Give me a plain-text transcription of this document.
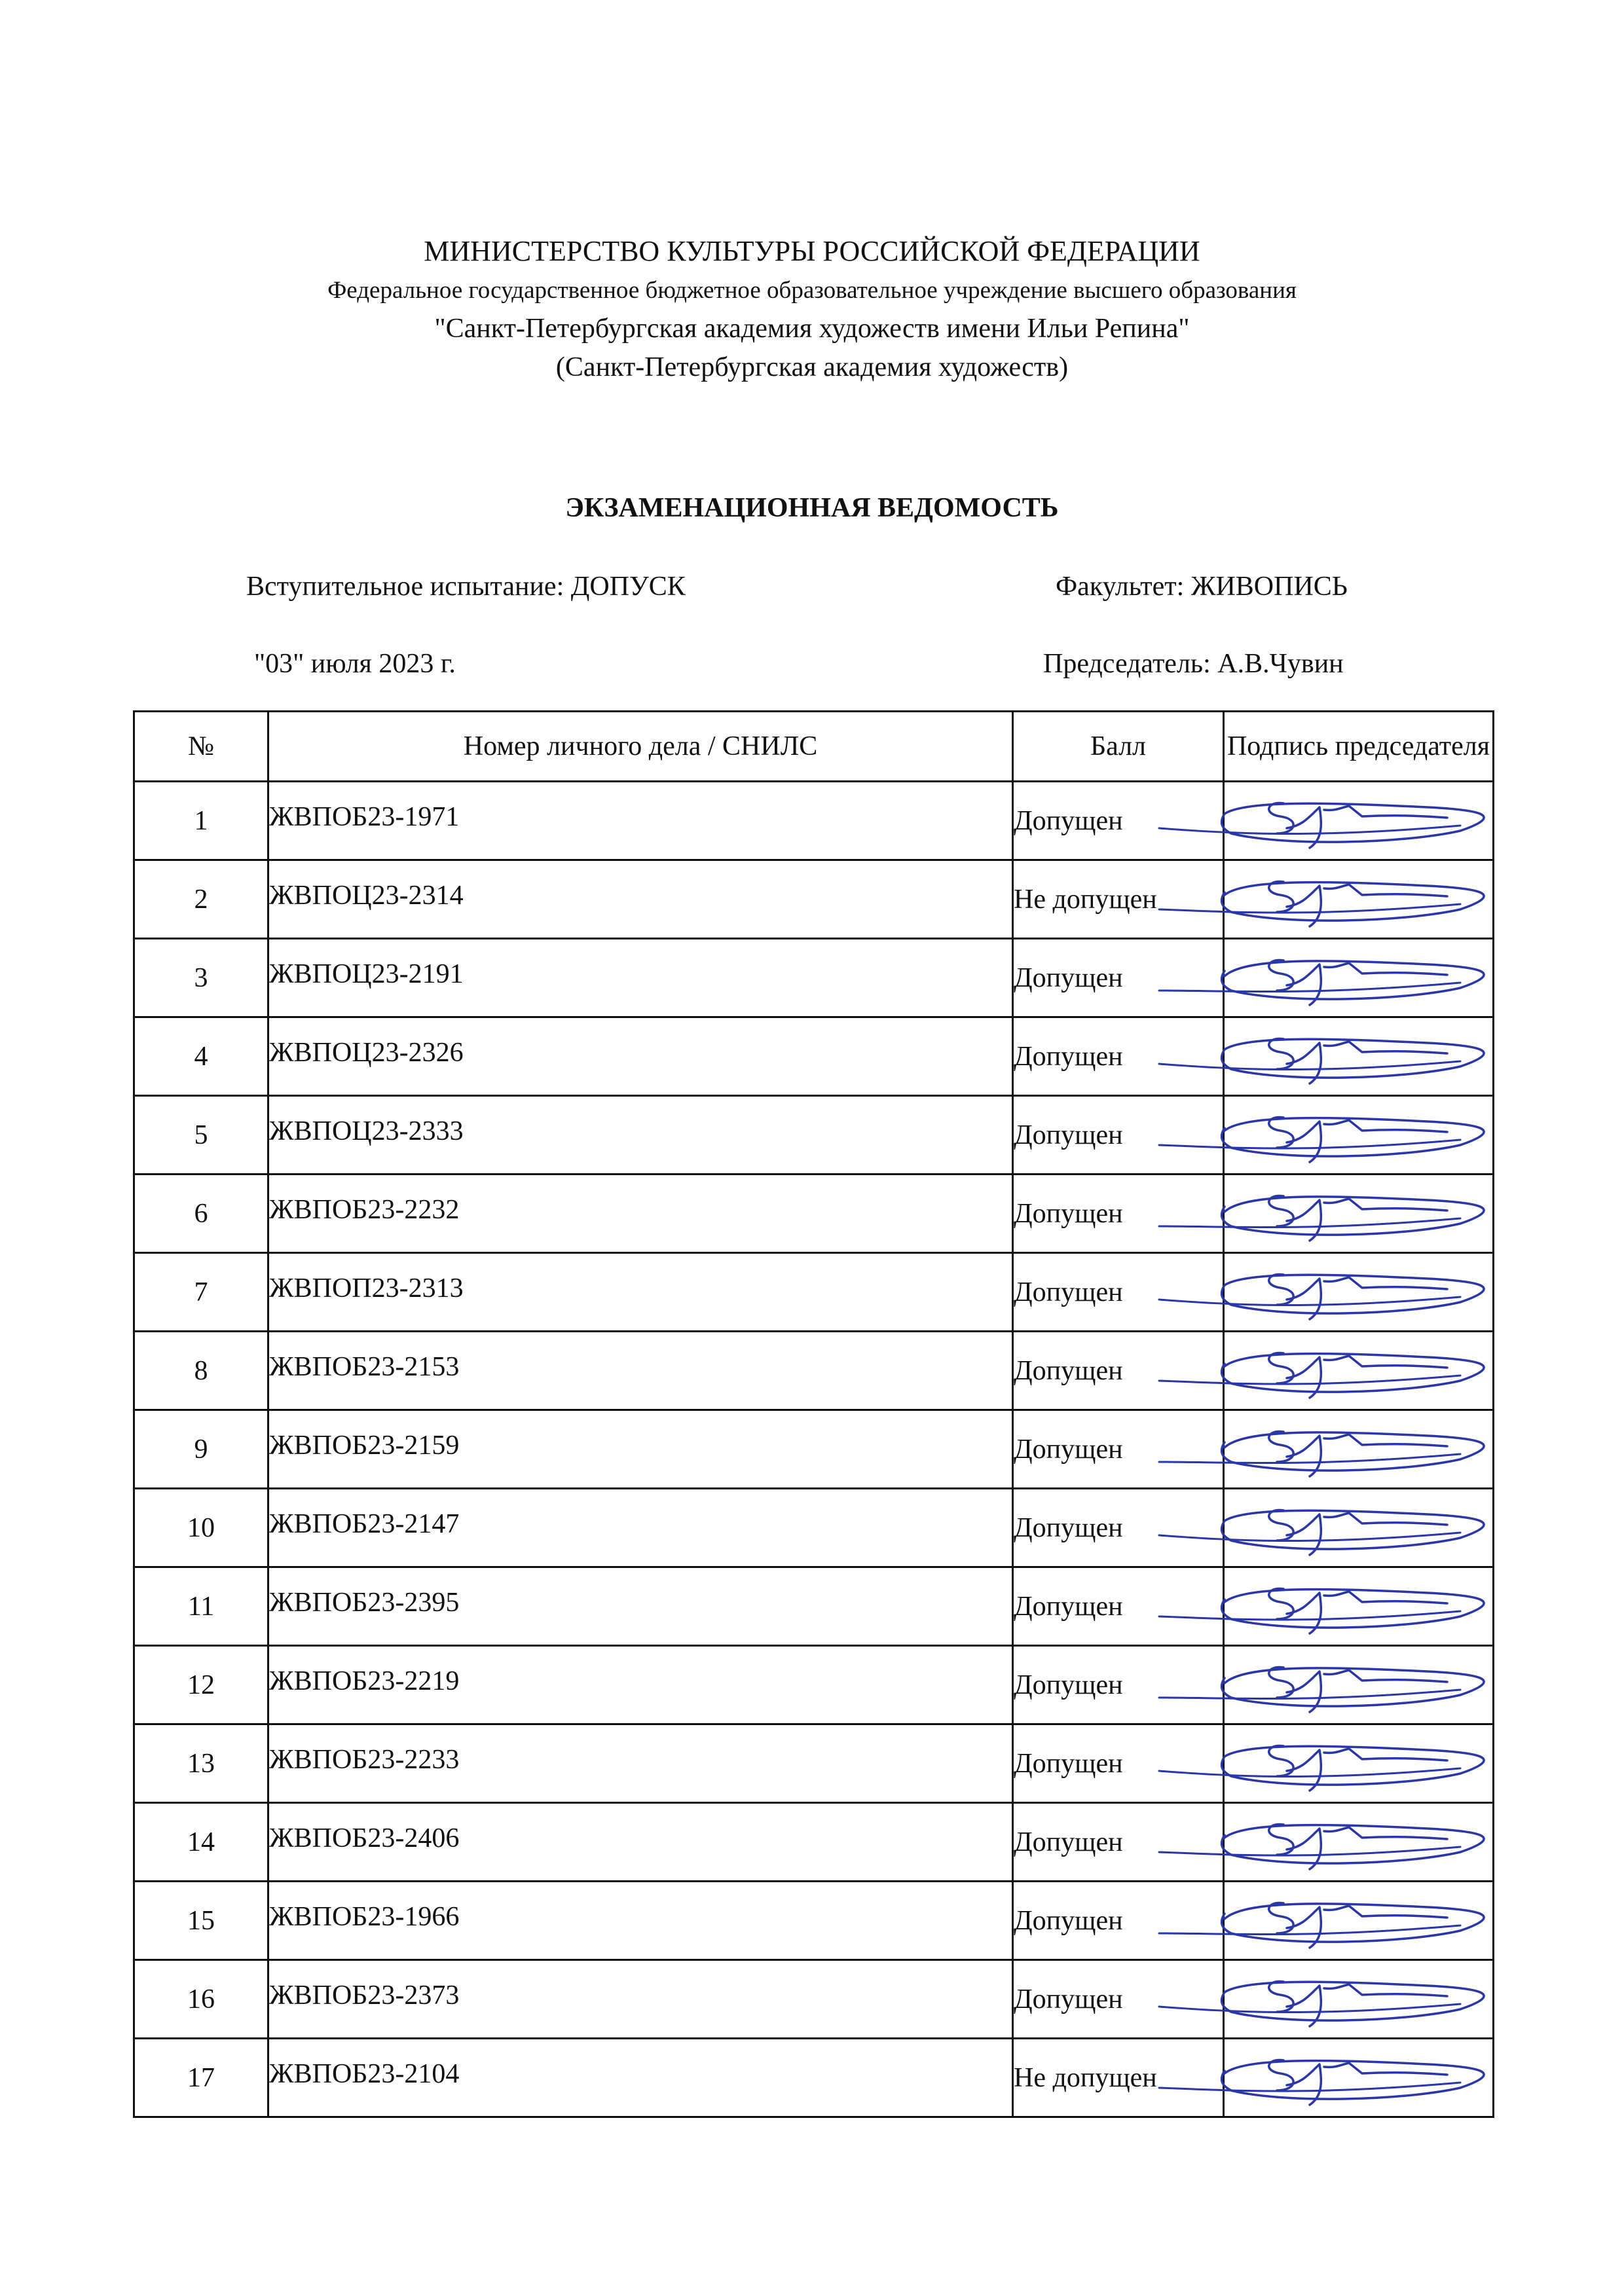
МИНИСТЕРСТВО КУЛЬТУРЫ РОССИЙСКОЙ ФЕДЕРАЦИИ
Федеральное государственное бюджетное образовательное учреждение высшего образования
"Санкт-Петербургская академия художеств имени Ильи Репина"
(Санкт-Петербургская академия художеств)
ЭКЗАМЕНАЦИОННАЯ ВЕДОМОСТЬ
Вступительное испытание: ДОПУСК	Факультет: ЖИВОПИСЬ
"03" июля 2023 г.	Председатель: А.В.Чувин
№	Номер личного дела / СНИЛС	Балл	Подпись председателя
1	ЖВПОБ23-1971	Допущен	

2	ЖВПОЦ23-2314	Не допущен	

3	ЖВПОЦ23-2191	Допущен	

4	ЖВПОЦ23-2326	Допущен	

5	ЖВПОЦ23-2333	Допущен	

6	ЖВПОБ23-2232	Допущен	

7	ЖВПОП23-2313	Допущен	

8	ЖВПОБ23-2153	Допущен	

9	ЖВПОБ23-2159	Допущен	

10	ЖВПОБ23-2147	Допущен	

11	ЖВПОБ23-2395	Допущен	

12	ЖВПОБ23-2219	Допущен	

13	ЖВПОБ23-2233	Допущен	

14	ЖВПОБ23-2406	Допущен	

15	ЖВПОБ23-1966	Допущен	

16	ЖВПОБ23-2373	Допущен	

17	ЖВПОБ23-2104	Не допущен	
